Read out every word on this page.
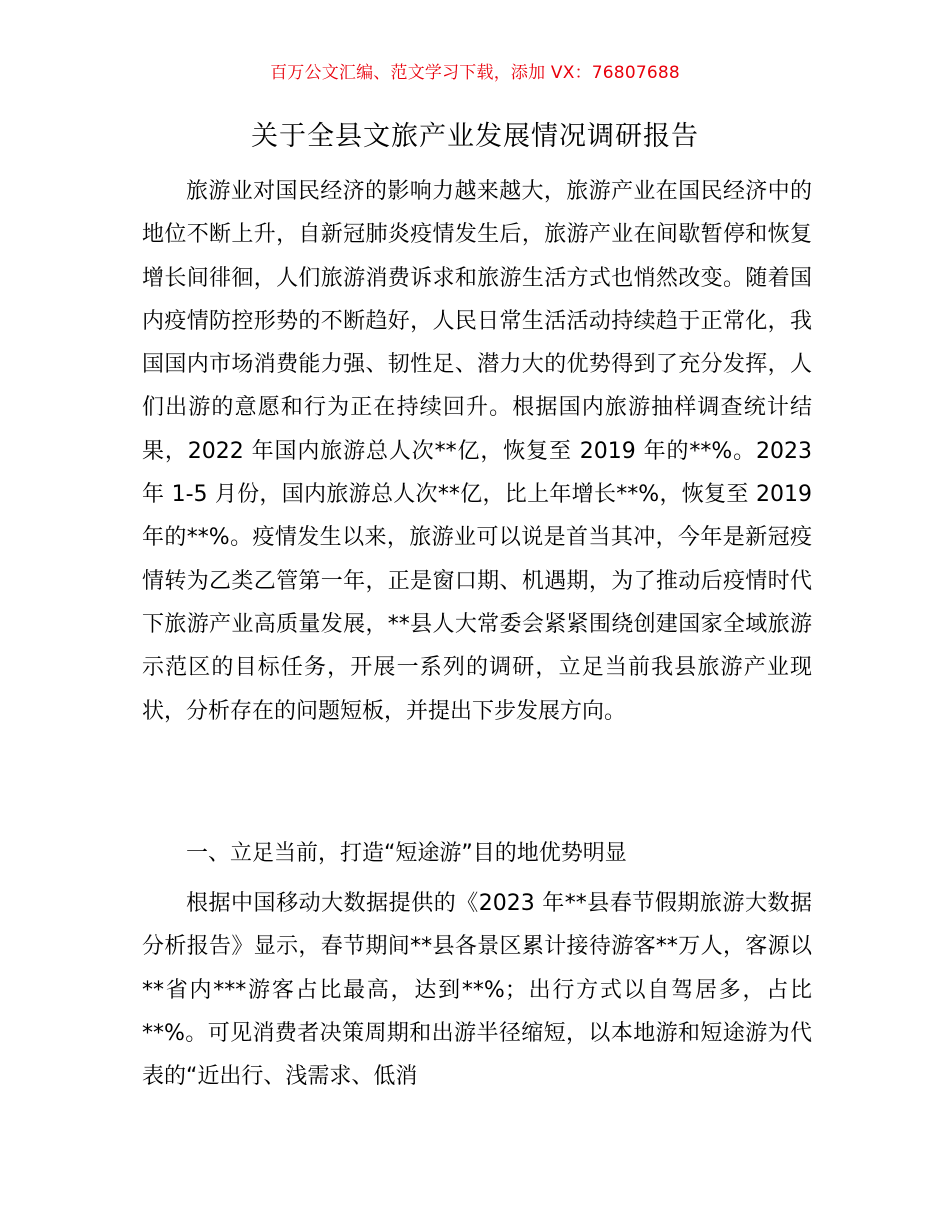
百万公文汇编、范文学习下载，添加 VX：76807688
关于全县文旅产业发展情况调研报告

旅游业对国民经济的影响力越来越大，旅游产业在国民经济中的地位不断上升，自新冠肺炎疫情发生后，旅游产业在间歇暂停和恢复增长间徘徊，人们旅游消费诉求和旅游生活方式也悄然改变。随着国内疫情防控形势的不断趋好，人民日常生活活动持续趋于正常化，我国国内市场消费能力强、韧性足、潜力大的优势得到了充分发挥，人们出游的意愿和行为正在持续回升。根据国内旅游抽样调查统计结果，2022 年国内旅游总人次**亿，恢复至 2019 年的**%。2023 年 1-5 月份，国内旅游总人次**亿，比上年增长**%，恢复至 2019 年的**%。疫情发生以来，旅游业可以说是首当其冲，今年是新冠疫情转为乙类乙管第一年，正是窗口期、机遇期，为了推动后疫情时代下旅游产业高质量发展，**县人大常委会紧紧围绕创建国家全域旅游示范区的目标任务，开展一系列的调研，立足当前我县旅游产业现状，分析存在的问题短板，并提出下步发展方向。

一、立足当前，打造“短途游”目的地优势明显

根据中国移动大数据提供的《2023 年**县春节假期旅游大数据分析报告》显示，春节期间**县各景区累计接待游客**万人，客源以**省内***游客占比最高，达到**%；出行方式以自驾居多，占比**%。可见消费者决策周期和出游半径缩短，以本地游和短途游为代表的“近出行、浅需求、低消
